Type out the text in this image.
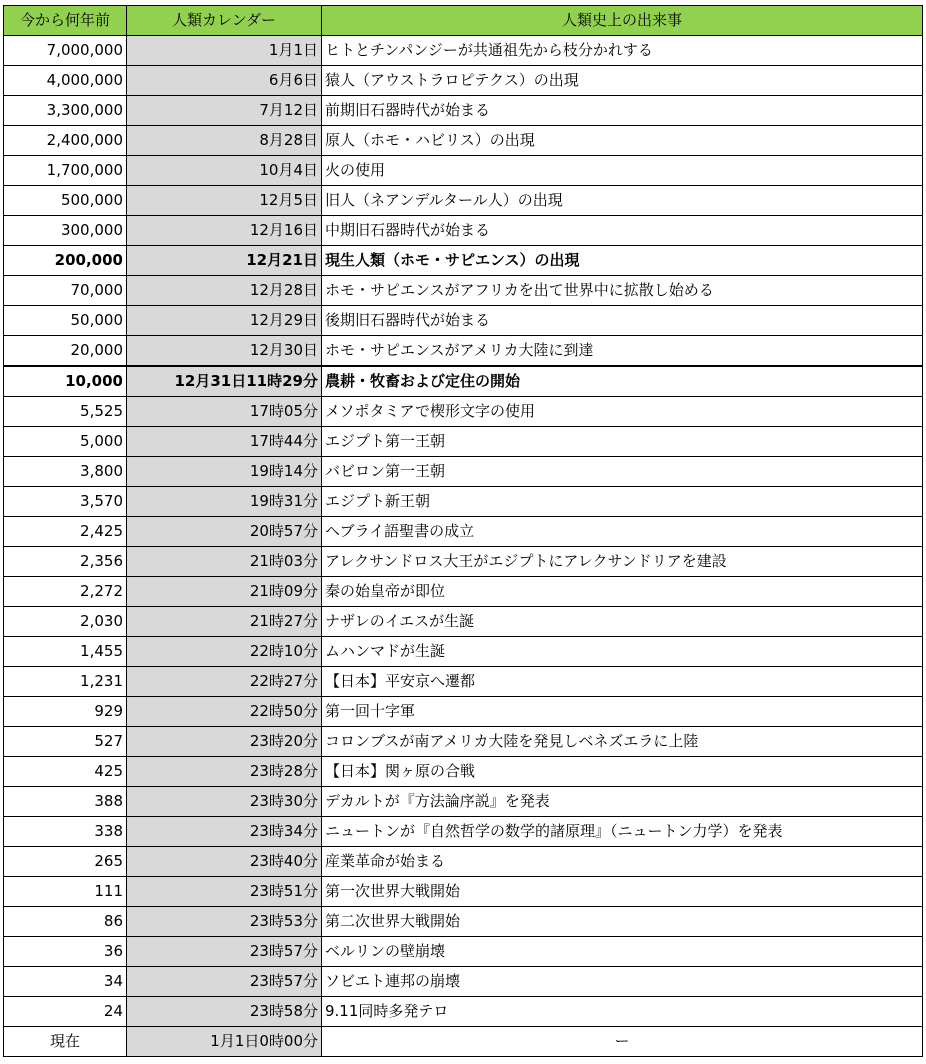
今から何年前	人類カレンダー	人類史上の出来事
7,000,000	1月1日	ヒトとチンパンジーが共通祖先から枝分かれする
4,000,000	6月6日	猿人（アウストラロピテクス）の出現
3,300,000	7月12日	前期旧石器時代が始まる
2,400,000	8月28日	原人（ホモ・ハビリス）の出現
1,700,000	10月4日	火の使用
500,000	12月5日	旧人（ネアンデルタール人）の出現
300,000	12月16日	中期旧石器時代が始まる
200,000	12月21日	現生人類（ホモ・サピエンス）の出現
70,000	12月28日	ホモ・サピエンスがアフリカを出て世界中に拡散し始める
50,000	12月29日	後期旧石器時代が始まる
20,000	12月30日	ホモ・サピエンスがアメリカ大陸に到達
10,000	12月31日11時29分	農耕・牧畜および定住の開始
5,525	17時05分	メソポタミアで楔形文字の使用
5,000	17時44分	エジプト第一王朝
3,800	19時14分	バビロン第一王朝
3,570	19時31分	エジプト新王朝
2,425	20時57分	ヘブライ語聖書の成立
2,356	21時03分	アレクサンドロス大王がエジプトにアレクサンドリアを建設
2,272	21時09分	秦の始皇帝が即位
2,030	21時27分	ナザレのイエスが生誕
1,455	22時10分	ムハンマドが生誕
1,231	22時27分	【日本】平安京へ遷都
929	22時50分	第一回十字軍
527	23時20分	コロンブスが南アメリカ大陸を発見しベネズエラに上陸
425	23時28分	【日本】関ヶ原の合戦
388	23時30分	デカルトが『方法論序説』を発表
338	23時34分	ニュートンが『自然哲学の数学的諸原理』（ニュートン力学）を発表
265	23時40分	産業革命が始まる
111	23時51分	第一次世界大戦開始
86	23時53分	第二次世界大戦開始
36	23時57分	ベルリンの壁崩壊
34	23時57分	ソビエト連邦の崩壊
24	23時58分	9.11同時多発テロ
現在	1月1日0時00分	ー
